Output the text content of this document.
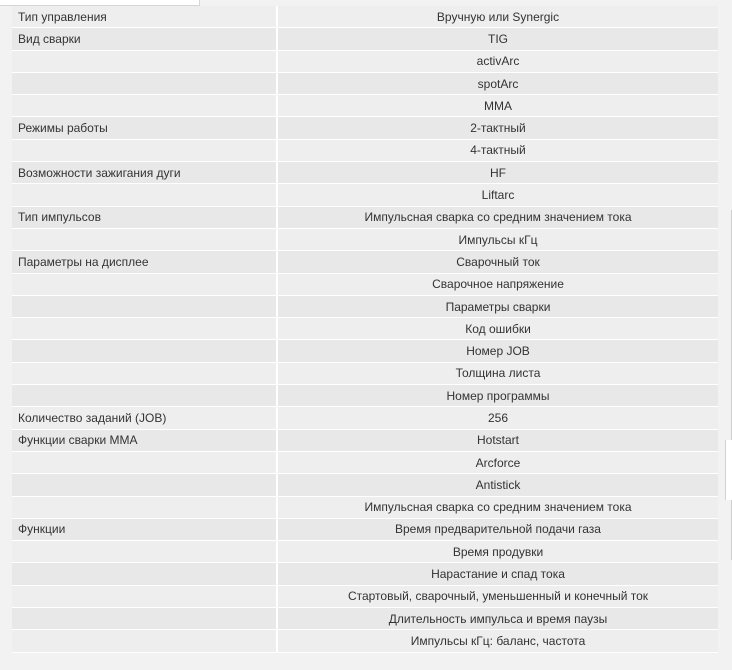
Тип управления	Вручную или Synergic
Вид сварки	TIG
activArc
spotArc
MMA
Режимы работы	2-тактный
4-тактный
Возможности зажигания дуги	HF
Liftarc
Тип импульсов	Импульсная сварка со средним значением тока
Импульсы кГц
Параметры на дисплее	Сварочный ток
Сварочное напряжение
Параметры сварки
Код ошибки
Номер JOB
Толщина листа
Номер программы
Количество заданий (JOB)	256
Функции сварки MMA	Hotstart
Arcforce
Antistick
Импульсная сварка со средним значением тока
Функции	Время предварительной подачи газа
Время продувки
Нарастание и спад тока
Стартовый, сварочный, уменьшенный и конечный ток
Длительность импульса и время паузы
Импульсы кГц: баланс, частота
